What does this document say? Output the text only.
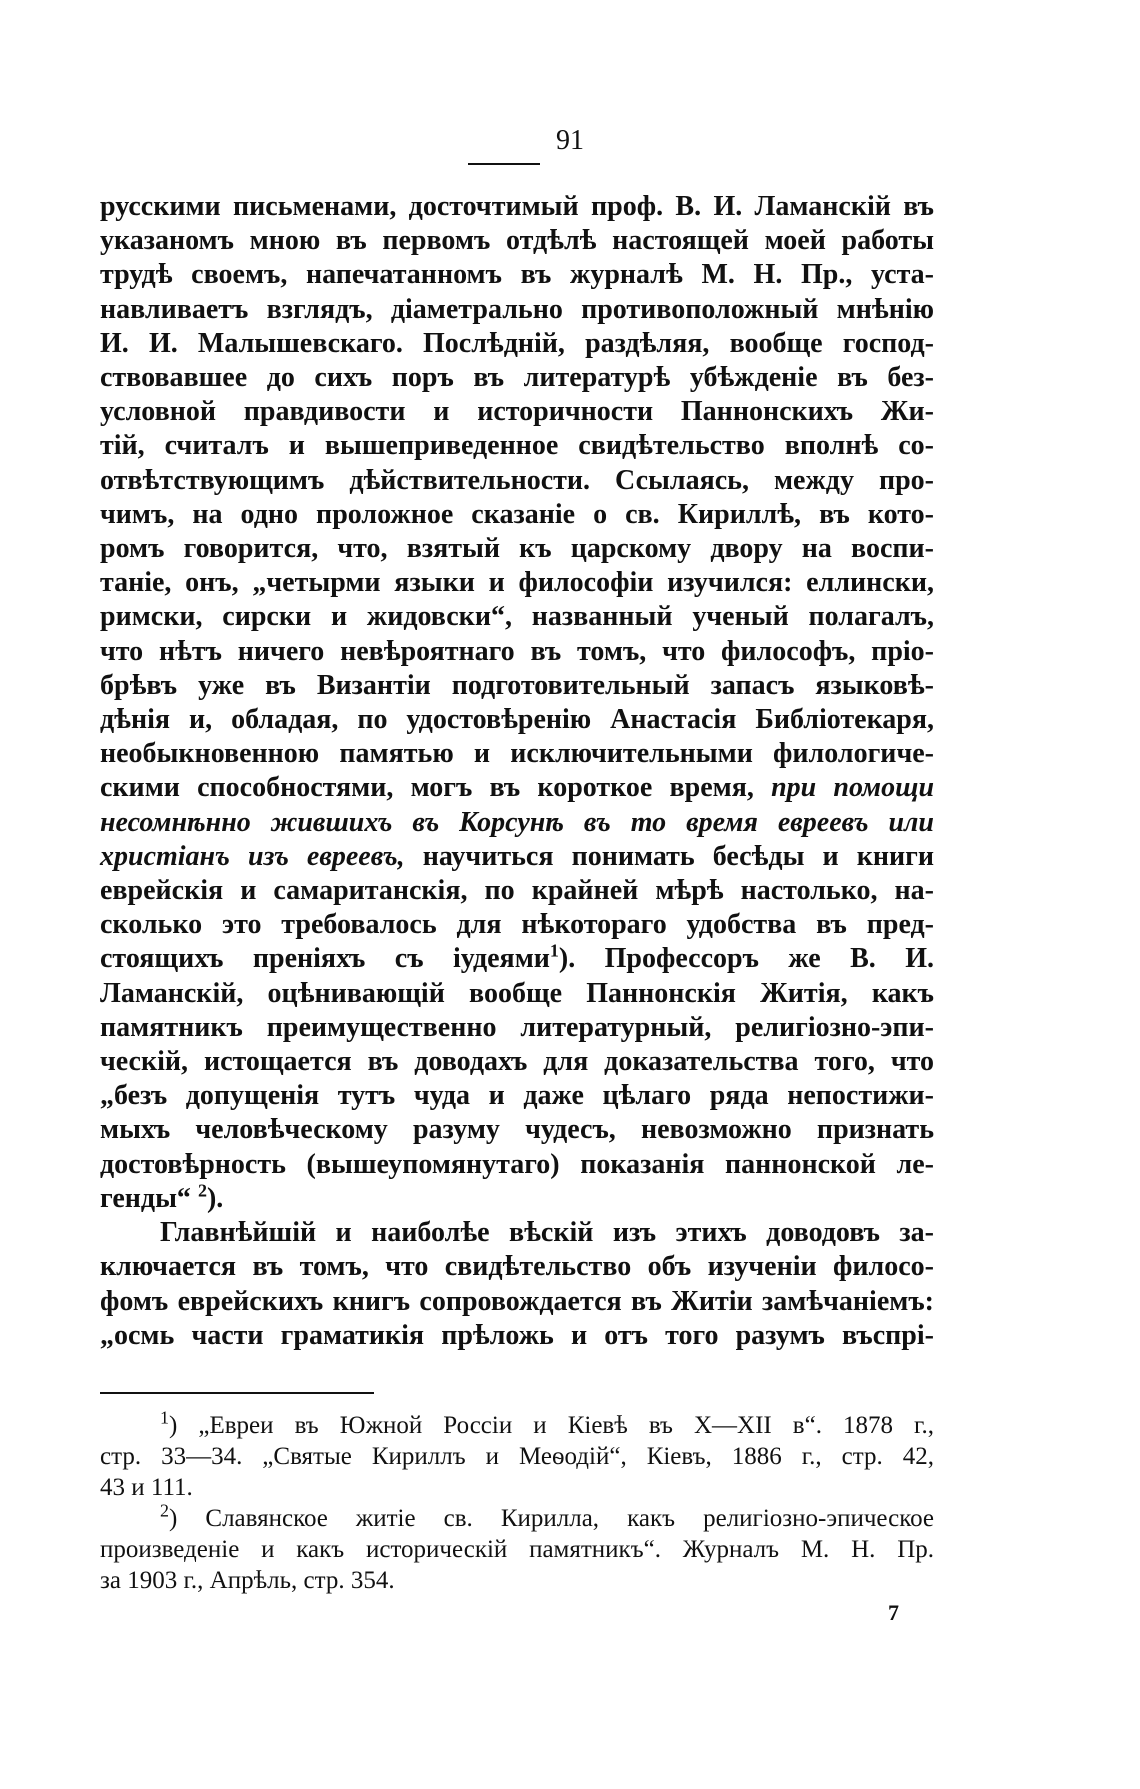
91
русскими письменами, досточтимый проф. В. И. Ламанскій въ
указаномъ мною въ первомъ отдѣлѣ настоящей моей работы
трудѣ своемъ, напечатанномъ въ журналѣ М. Н. Пр., уста-
навливаетъ взглядъ, діаметрально противоположный мнѣнію
И. И. Малышевскаго. Послѣдній, раздѣляя, вообще господ-
ствовавшее до сихъ поръ въ литературѣ убѣжденіе въ без-
условной правдивости и историчности Паннонскихъ Жи-
тій, считалъ и вышеприведенное свидѣтельство вполнѣ со-
отвѣтствующимъ дѣйствительности. Ссылаясь, между про-
чимъ, на одно проложное сказаніе о св. Кириллѣ, въ кото-
ромъ говорится, что, взятый къ царскому двору на воспи-
таніе, онъ, „четырми языки и философіи изучился: еллински,
римски, сирски и жидовски“, названный ученый полагалъ,
что нѣтъ ничего невѣроятнаго въ томъ, что философъ, пріо-
брѣвъ уже въ Византіи подготовительный запасъ языковѣ-
дѣнія и, обладая, по удостовѣренію Анастасія Библіотекаря,
необыкновенною памятью и исключительными филологиче-
скими способностями, могъ въ короткое время, при помощи
несомнѣнно жившихъ въ Корсунѣ въ то время евреевъ или
христіанъ изъ евреевъ, научиться понимать бесѣды и книги
еврейскія и самаританскія, по крайней мѣрѣ настолько, на-
сколько это требовалось для нѣкотораго удобства въ пред-
стоящихъ преніяхъ съ іудеями$^1$). Профессоръ же В. И.
Ламанскій, оцѣнивающій вообще Паннонскія Житія, какъ
памятникъ преимущественно литературный, религіозно-эпи-
ческій, истощается въ доводахъ для доказательства того, что
„безъ допущенія тутъ чуда и даже цѣлаго ряда непостижи-
мыхъ человѣческому разуму чудесъ, невозможно признать
достовѣрность (вышеупомянутаго) показанія паннонской ле-
генды“ $^2$).
Главнѣйшій и наиболѣе вѣскій изъ этихъ доводовъ за-
ключается въ томъ, что свидѣтельство объ изученіи филосо-
фомъ еврейскихъ книгъ сопровождается въ Житіи замѣчаніемъ:
„осмь части граматикія прѣложь и отъ того разумъ въспрі-
$^1$) „Евреи въ Южной Россіи и Кіевѣ въ X—XII в“. 1878 г.,
стр. 33—34. „Святые Кириллъ и Меѳодій“, Кіевъ, 1886 г., стр. 42,
43 и 111.
$^2$) Славянское житіе св. Кирилла, какъ религіозно-эпическое
произведеніе и какъ историческій памятникъ“. Журналъ М. Н. Пр.
за 1903 г., Апрѣль, стр. 354.
7
